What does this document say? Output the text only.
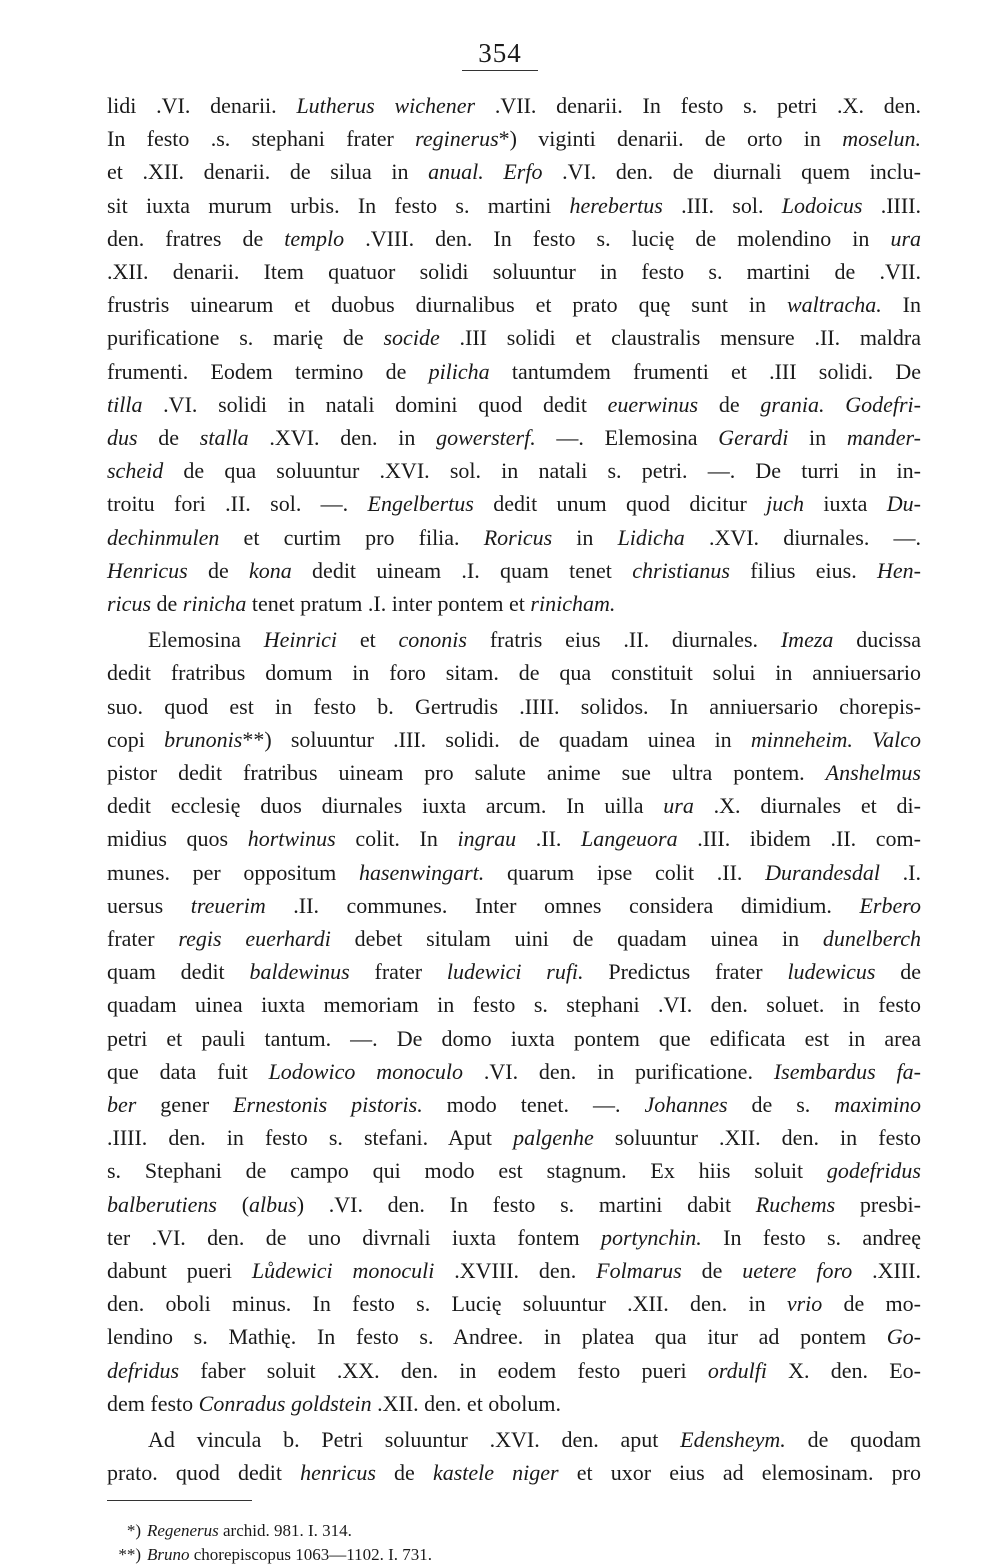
354
lidi .VI. denarii. Lutherus wichener .VII. denarii. In festo s. petri .X. den.
In festo .s. stephani frater reginerus*) viginti denarii. de orto in moselun.
et .XII. denarii. de silua in anual. Erfo .VI. den. de diurnali quem inclu-
sit iuxta murum urbis. In festo s. martini herebertus .III. sol. Lodoicus .IIII.
den. fratres de templo .VIII. den. In festo s. lucię de molendino in ura
.XII. denarii. Item quatuor solidi soluuntur in festo s. martini de .VII.
frustris uinearum et duobus diurnalibus et prato quę sunt in waltracha. In
purificatione s. marię de socide .III solidi et claustralis mensure .II. maldra
frumenti. Eodem termino de pilicha tantumdem frumenti et .III solidi. De
tilla .VI. solidi in natali domini quod dedit euerwinus de grania. Godefri-
dus de stalla .XVI. den. in gowersterf. —. Elemosina Gerardi in mander-
scheid de qua soluuntur .XVI. sol. in natali s. petri. —. De turri in in-
troitu fori .II. sol. —. Engelbertus dedit unum quod dicitur juch iuxta Du-
dechinmulen et curtim pro filia. Roricus in Lidicha .XVI. diurnales. —.
Henricus de kona dedit uineam .I. quam tenet christianus filius eius. Hen-
ricus de rinicha tenet pratum .I. inter pontem et rinicham.
Elemosina Heinrici et cononis fratris eius .II. diurnales. Imeza ducissa
dedit fratribus domum in foro sitam. de qua constituit solui in anniuersario
suo. quod est in festo b. Gertrudis .IIII. solidos. In anniuersario chorepis-
copi brunonis**) soluuntur .III. solidi. de quadam uinea in minneheim. Valco
pistor dedit fratribus uineam pro salute anime sue ultra pontem. Anshelmus
dedit ecclesię duos diurnales iuxta arcum. In uilla ura .X. diurnales et di-
midius quos hortwinus colit. In ingrau .II. Langeuora .III. ibidem .II. com-
munes. per oppositum hasenwingart. quarum ipse colit .II. Durandesdal .I.
uersus treuerim .II. communes. Inter omnes considera dimidium. Erbero
frater regis euerhardi debet situlam uini de quadam uinea in dunelberch
quam dedit baldewinus frater ludewici rufi. Predictus frater ludewicus de
quadam uinea iuxta memoriam in festo s. stephani .VI. den. soluet. in festo
petri et pauli tantum. —. De domo iuxta pontem que edificata est in area
que data fuit Lodowico monoculo .VI. den. in purificatione. Isembardus fa-
ber gener Ernestonis pistoris. modo tenet. —. Johannes de s. maximino
.IIII. den. in festo s. stefani. Aput palgenhe soluuntur .XII. den. in festo
s. Stephani de campo qui modo est stagnum. Ex hiis soluit godefridus
balberutiens (albus) .VI. den. In festo s. martini dabit Ruchems presbi-
ter .VI. den. de uno divrnali iuxta fontem portynchin. In festo s. andreę
dabunt pueri Lůdewici monoculi .XVIII. den. Folmarus de uetere foro .XIII.
den. oboli minus. In festo s. Lucię soluuntur .XII. den. in vrio de mo-
lendino s. Mathię. In festo s. Andree. in platea qua itur ad pontem Go-
defridus faber soluit .XX. den. in eodem festo pueri ordulfi X. den. Eo-
dem festo Conradus goldstein .XII. den. et obolum.
Ad vincula b. Petri soluuntur .XVI. den. aput Edensheym. de quodam
prato. quod dedit henricus de kastele niger et uxor eius ad elemosinam. pro
*) Regenerus archid. 981. I. 314.
**) Bruno chorepiscopus 1063—1102. I. 731.
